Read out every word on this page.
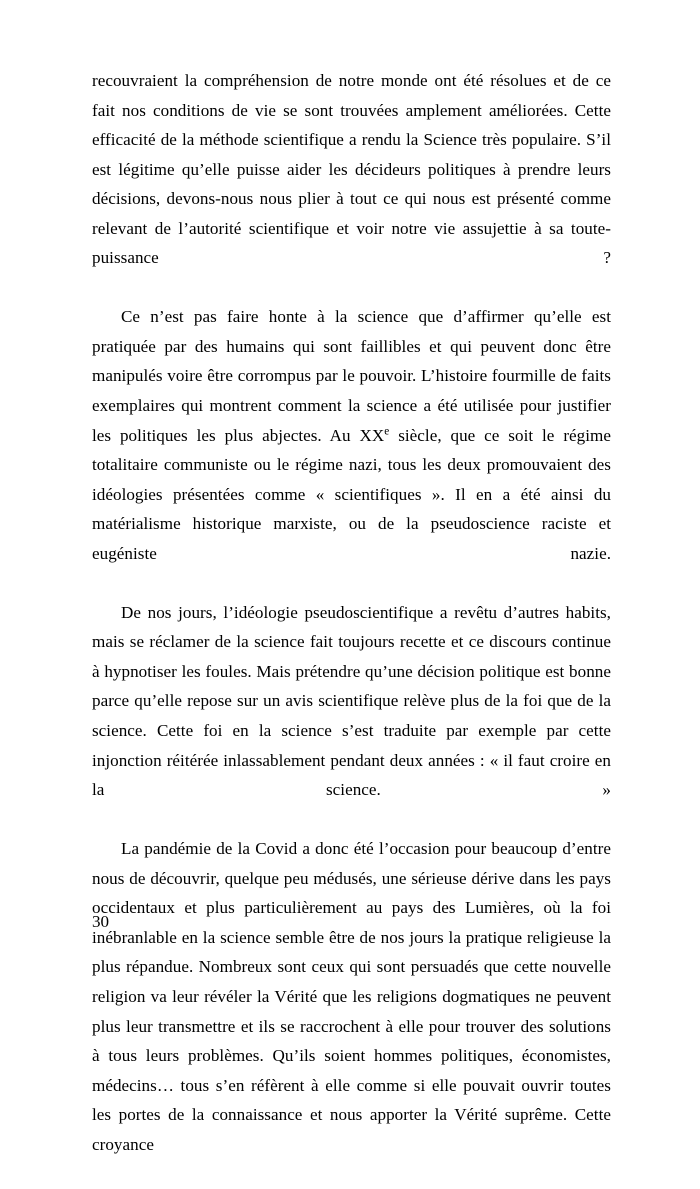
recouvraient la compréhension de notre monde ont été résolues et de ce fait nos conditions de vie se sont trouvées amplement améliorées. Cette efficacité de la méthode scientifique a rendu la Science très populaire. S’il est légitime qu’elle puisse aider les décideurs politiques à prendre leurs décisions, devons-nous nous plier à tout ce qui nous est présenté comme relevant de l’autorité scientifique et voir notre vie assujettie à sa toute-puissance ?

Ce n’est pas faire honte à la science que d’affirmer qu’elle est pratiquée par des humains qui sont faillibles et qui peuvent donc être manipulés voire être corrompus par le pouvoir. L’histoire fourmille de faits exemplaires qui montrent comment la science a été utilisée pour justifier les politiques les plus abjectes. Au XXe siècle, que ce soit le régime totalitaire communiste ou le régime nazi, tous les deux promouvaient des idéologies présentées comme « scientifiques ». Il en a été ainsi du matérialisme historique marxiste, ou de la pseudoscience raciste et eugéniste nazie.

De nos jours, l’idéologie pseudoscientifique a revêtu d’autres habits, mais se réclamer de la science fait toujours recette et ce discours continue à hypnotiser les foules. Mais prétendre qu’une décision politique est bonne parce qu’elle repose sur un avis scientifique relève plus de la foi que de la science. Cette foi en la science s’est traduite par exemple par cette injonction réitérée inlassablement pendant deux années : « il faut croire en la science. »

La pandémie de la Covid a donc été l’occasion pour beaucoup d’entre nous de découvrir, quelque peu médusés, une sérieuse dérive dans les pays occidentaux et plus particulièrement au pays des Lumières, où la foi inébranlable en la science semble être de nos jours la pratique religieuse la plus répandue. Nombreux sont ceux qui sont persuadés que cette nouvelle religion va leur révéler la Vérité que les religions dogmatiques ne peuvent plus leur transmettre et ils se raccrochent à elle pour trouver des solutions à tous leurs problèmes. Qu’ils soient hommes politiques, économistes, médecins… tous s’en réfèrent à elle comme si elle pouvait ouvrir toutes les portes de la connaissance et nous apporter la Vérité suprême. Cette croyance

30
